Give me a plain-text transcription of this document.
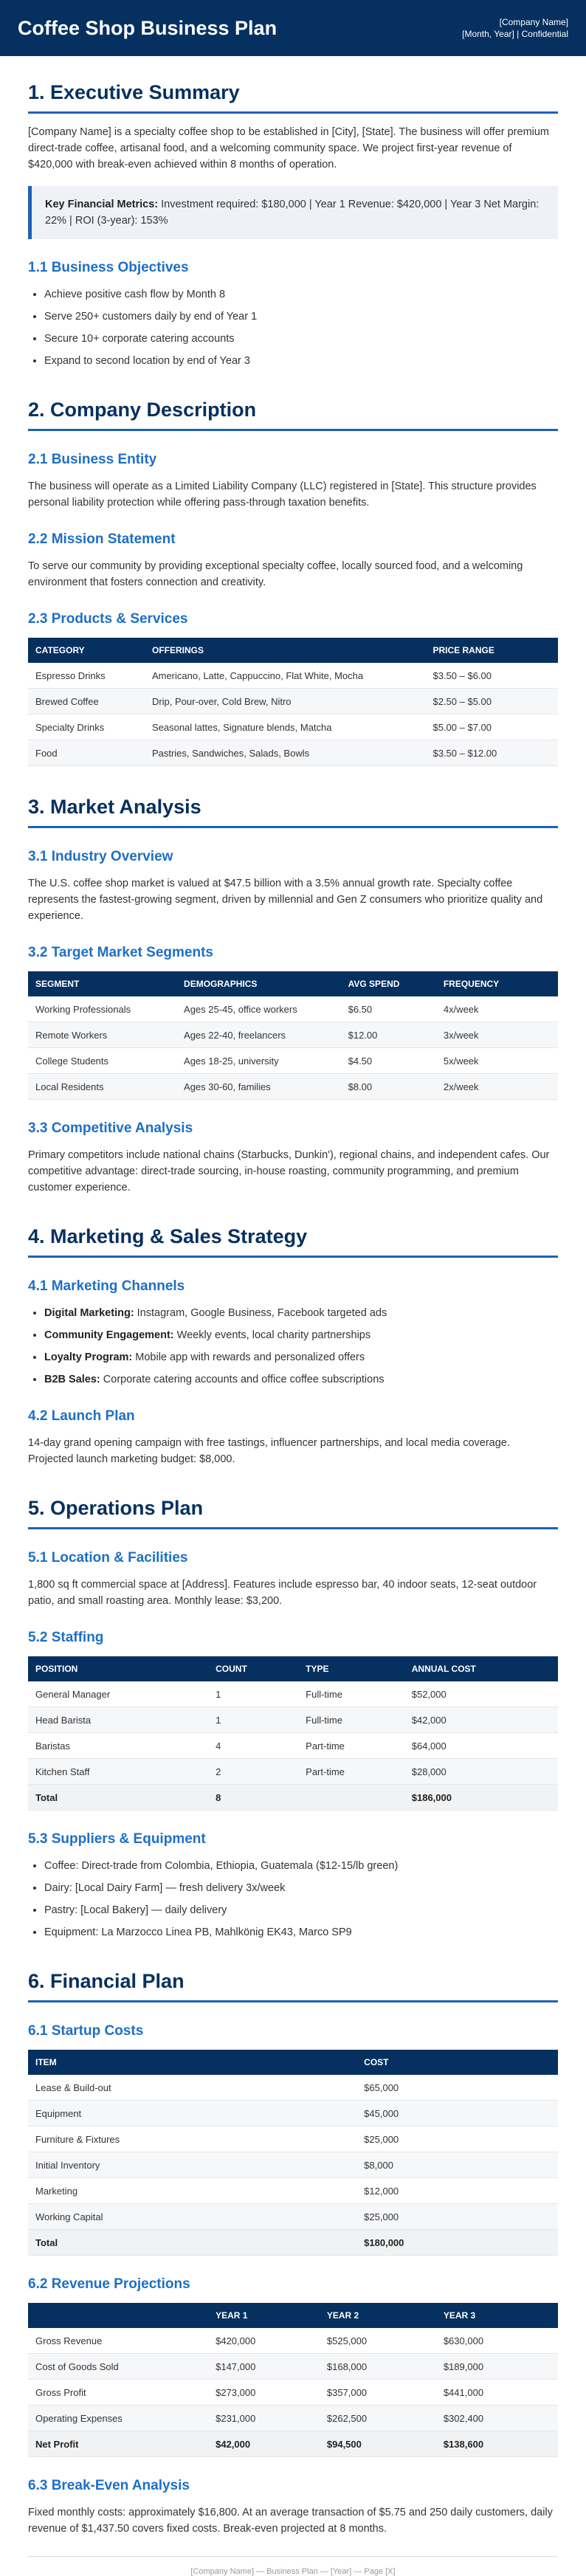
Coffee Shop Business Plan	[Company Name]
[Month, Year] | Confidential
1. Executive Summary

[Company Name] is a specialty coffee shop to be established in [City], [State]. The business will offer premium direct-trade coffee, artisanal food, and a welcoming community space. We project first-year revenue of $420,000 with break-even achieved within 8 months of operation.

Key Financial Metrics: Investment required: $180,000 | Year 1 Revenue: $420,000 | Year 3 Net Margin: 22% | ROI (3-year): 153%
1.1 Business Objectives
• Achieve positive cash flow by Month 8
• Serve 250+ customers daily by end of Year 1
• Secure 10+ corporate catering accounts
• Expand to second location by end of Year 3
2. Company Description
2.1 Business Entity

The business will operate as a Limited Liability Company (LLC) registered in [State]. This structure provides personal liability protection while offering pass-through taxation benefits.

2.2 Mission Statement

To serve our community by providing exceptional specialty coffee, locally sourced food, and a welcoming environment that fosters connection and creativity.

2.3 Products & Services
CATEGORY	OFFERINGS	PRICE RANGE
Espresso Drinks	Americano, Latte, Cappuccino, Flat White, Mocha	$3.50 – $6.00
Brewed Coffee	Drip, Pour-over, Cold Brew, Nitro	$2.50 – $5.00
Specialty Drinks	Seasonal lattes, Signature blends, Matcha	$5.00 – $7.00
Food	Pastries, Sandwiches, Salads, Bowls	$3.50 – $12.00
3. Market Analysis
3.1 Industry Overview

The U.S. coffee shop market is valued at $47.5 billion with a 3.5% annual growth rate. Specialty coffee represents the fastest-growing segment, driven by millennial and Gen Z consumers who prioritize quality and experience.

3.2 Target Market Segments
SEGMENT	DEMOGRAPHICS	AVG SPEND	FREQUENCY
Working Professionals	Ages 25-45, office workers	$6.50	4x/week
Remote Workers	Ages 22-40, freelancers	$12.00	3x/week
College Students	Ages 18-25, university	$4.50	5x/week
Local Residents	Ages 30-60, families	$8.00	2x/week
3.3 Competitive Analysis

Primary competitors include national chains (Starbucks, Dunkin'), regional chains, and independent cafes. Our competitive advantage: direct-trade sourcing, in-house roasting, community programming, and premium customer experience.

4. Marketing & Sales Strategy
4.1 Marketing Channels
• Digital Marketing: Instagram, Google Business, Facebook targeted ads
• Community Engagement: Weekly events, local charity partnerships
• Loyalty Program: Mobile app with rewards and personalized offers
• B2B Sales: Corporate catering accounts and office coffee subscriptions
4.2 Launch Plan

14-day grand opening campaign with free tastings, influencer partnerships, and local media coverage. Projected launch marketing budget: $8,000.

5. Operations Plan
5.1 Location & Facilities

1,800 sq ft commercial space at [Address]. Features include espresso bar, 40 indoor seats, 12-seat outdoor patio, and small roasting area. Monthly lease: $3,200.

5.2 Staffing
POSITION	COUNT	TYPE	ANNUAL COST
General Manager	1	Full-time	$52,000
Head Barista	1	Full-time	$42,000
Baristas	4	Part-time	$64,000
Kitchen Staff	2	Part-time	$28,000
Total	8		$186,000
5.3 Suppliers & Equipment
• Coffee: Direct-trade from Colombia, Ethiopia, Guatemala ($12-15/lb green)
• Dairy: [Local Dairy Farm] — fresh delivery 3x/week
• Pastry: [Local Bakery] — daily delivery
• Equipment: La Marzocco Linea PB, Mahlkönig EK43, Marco SP9
6. Financial Plan
6.1 Startup Costs
ITEM	COST
Lease & Build-out	$65,000
Equipment	$45,000
Furniture & Fixtures	$25,000
Initial Inventory	$8,000
Marketing	$12,000
Working Capital	$25,000
Total	$180,000
6.2 Revenue Projections
	YEAR 1	YEAR 2	YEAR 3
Gross Revenue	$420,000	$525,000	$630,000
Cost of Goods Sold	$147,000	$168,000	$189,000
Gross Profit	$273,000	$357,000	$441,000
Operating Expenses	$231,000	$262,500	$302,400
Net Profit	$42,000	$94,500	$138,600
6.3 Break-Even Analysis

Fixed monthly costs: approximately $16,800. At an average transaction of $5.75 and 250 daily customers, daily revenue of $1,437.50 covers fixed costs. Break-even projected at 8 months.

[Company Name] — Business Plan — [Year] — Page [X]
